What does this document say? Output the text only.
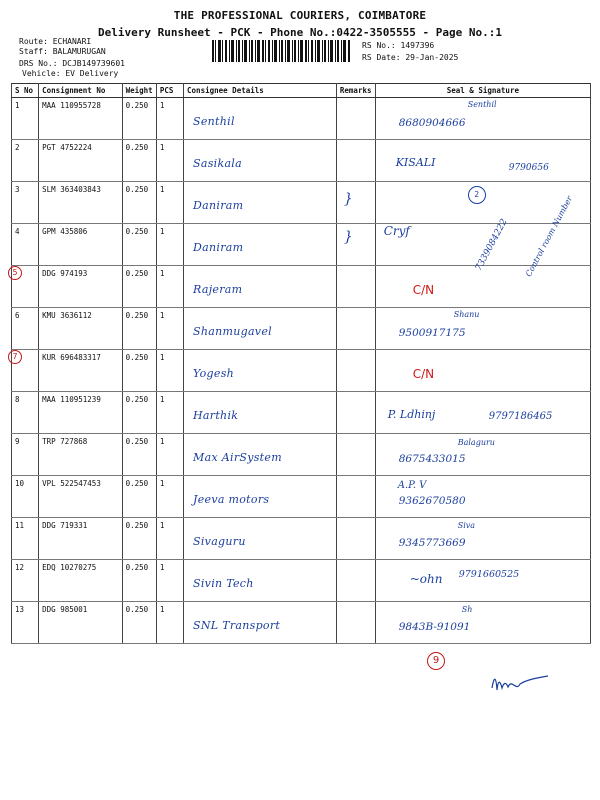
THE PROFESSIONAL COURIERS, COIMBATORE
Delivery Runsheet - PCK - Phone No.:0422-3505555 - Page No.:1
Route: ECHANARI
Staff: BALAMURUGAN
DRS No.: DCJB149739601
Vehicle: EV Delivery
RS No.: 1497396
RS Date: 29-Jan-2025
S No	Consignment No	Weight	PCS	Consignee Details	Remarks	Seal & Signature
1	MAA 110955728	0.250	1	Senthil		Senthil
8680904666

2	PGT 4752224	0.250	1	Sasikala		KISALI 9790656

3	SLM 363403843	0.250	1	Daniram	}	2

4	GPM 435806	0.250	1	Daniram	}	Cryf 7339084222 Control room Number

5	DDG 974193	0.250	1	Rajeram		C/N

6	KMU 3636112	0.250	1	Shanmugavel		Shanu
9500917175

7	KUR 696483317	0.250	1	Yogesh		C/N

8	MAA 110951239	0.250	1	Harthik		P. Ldhinj 9797186465

9	TRP 727868	0.250	1	Max AirSystem		Balaguru
8675433015

10	VPL 522547453	0.250	1	Jeeva motors		A.P. V
9362670580

11	DDG 719331	0.250	1	Sivaguru		Siva
9345773669

12	EDQ 10270275	0.250	1	Sivin Tech		~ohn 9791660525

13	DDG 985001	0.250	1	SNL Transport		Sh
9843B-91091
9
